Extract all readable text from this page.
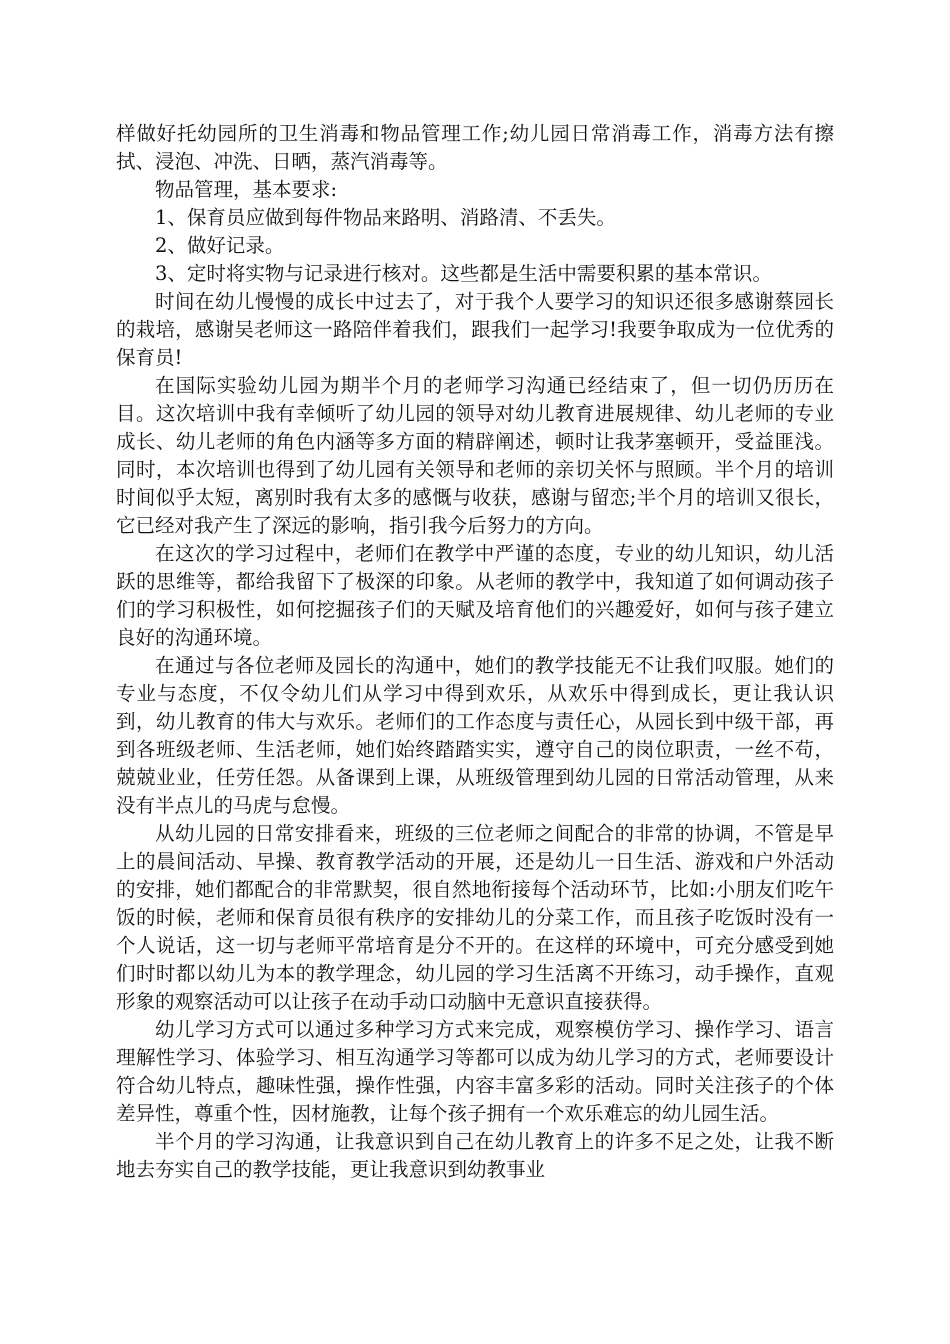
样做好托幼园所的卫生消毒和物品管理工作;幼儿园日常消毒工作，消毒方法有擦拭、浸泡、冲洗、日晒，蒸汽消毒等。

物品管理，基本要求:

1、保育员应做到每件物品来路明、消路清、不丢失。

2、做好记录。

3、定时将实物与记录进行核对。这些都是生活中需要积累的基本常识。

时间在幼儿慢慢的成长中过去了，对于我个人要学习的知识还很多感谢蔡园长的栽培，感谢吴老师这一路陪伴着我们，跟我们一起学习!我要争取成为一位优秀的保育员!

在国际实验幼儿园为期半个月的老师学习沟通已经结束了，但一切仍历历在目。这次培训中我有幸倾听了幼儿园的领导对幼儿教育进展规律、幼儿老师的专业成长、幼儿老师的角色内涵等多方面的精辟阐述，顿时让我茅塞顿开，受益匪浅。同时，本次培训也得到了幼儿园有关领导和老师的亲切关怀与照顾。半个月的培训时间似乎太短，离别时我有太多的感慨与收获，感谢与留恋;半个月的培训又很长，它已经对我产生了深远的影响，指引我今后努力的方向。

在这次的学习过程中，老师们在教学中严谨的态度，专业的幼儿知识，幼儿活跃的思维等，都给我留下了极深的印象。从老师的教学中，我知道了如何调动孩子们的学习积极性，如何挖掘孩子们的天赋及培育他们的兴趣爱好，如何与孩子建立良好的沟通环境。

在通过与各位老师及园长的沟通中，她们的教学技能无不让我们叹服。她们的专业与态度，不仅令幼儿们从学习中得到欢乐，从欢乐中得到成长，更让我认识到，幼儿教育的伟大与欢乐。老师们的工作态度与责任心，从园长到中级干部，再到各班级老师、生活老师，她们始终踏踏实实，遵守自己的岗位职责，一丝不苟，兢兢业业，任劳任怨。从备课到上课，从班级管理到幼儿园的日常活动管理，从来没有半点儿的马虎与怠慢。

从幼儿园的日常安排看来，班级的三位老师之间配合的非常的协调，不管是早上的晨间活动、早操、教育教学活动的开展，还是幼儿一日生活、游戏和户外活动的安排，她们都配合的非常默契，很自然地衔接每个活动环节，比如:小朋友们吃午饭的时候，老师和保育员很有秩序的安排幼儿的分菜工作，而且孩子吃饭时没有一个人说话，这一切与老师平常培育是分不开的。在这样的环境中，可充分感受到她们时时都以幼儿为本的教学理念，幼儿园的学习生活离不开练习，动手操作，直观形象的观察活动可以让孩子在动手动口动脑中无意识直接获得。

幼儿学习方式可以通过多种学习方式来完成，观察模仿学习、操作学习、语言理解性学习、体验学习、相互沟通学习等都可以成为幼儿学习的方式，老师要设计符合幼儿特点，趣味性强，操作性强，内容丰富多彩的活动。同时关注孩子的个体差异性，尊重个性，因材施教，让每个孩子拥有一个欢乐难忘的幼儿园生活。

半个月的学习沟通，让我意识到自己在幼儿教育上的许多不足之处，让我不断地去夯实自己的教学技能，更让我意识到幼教事业
